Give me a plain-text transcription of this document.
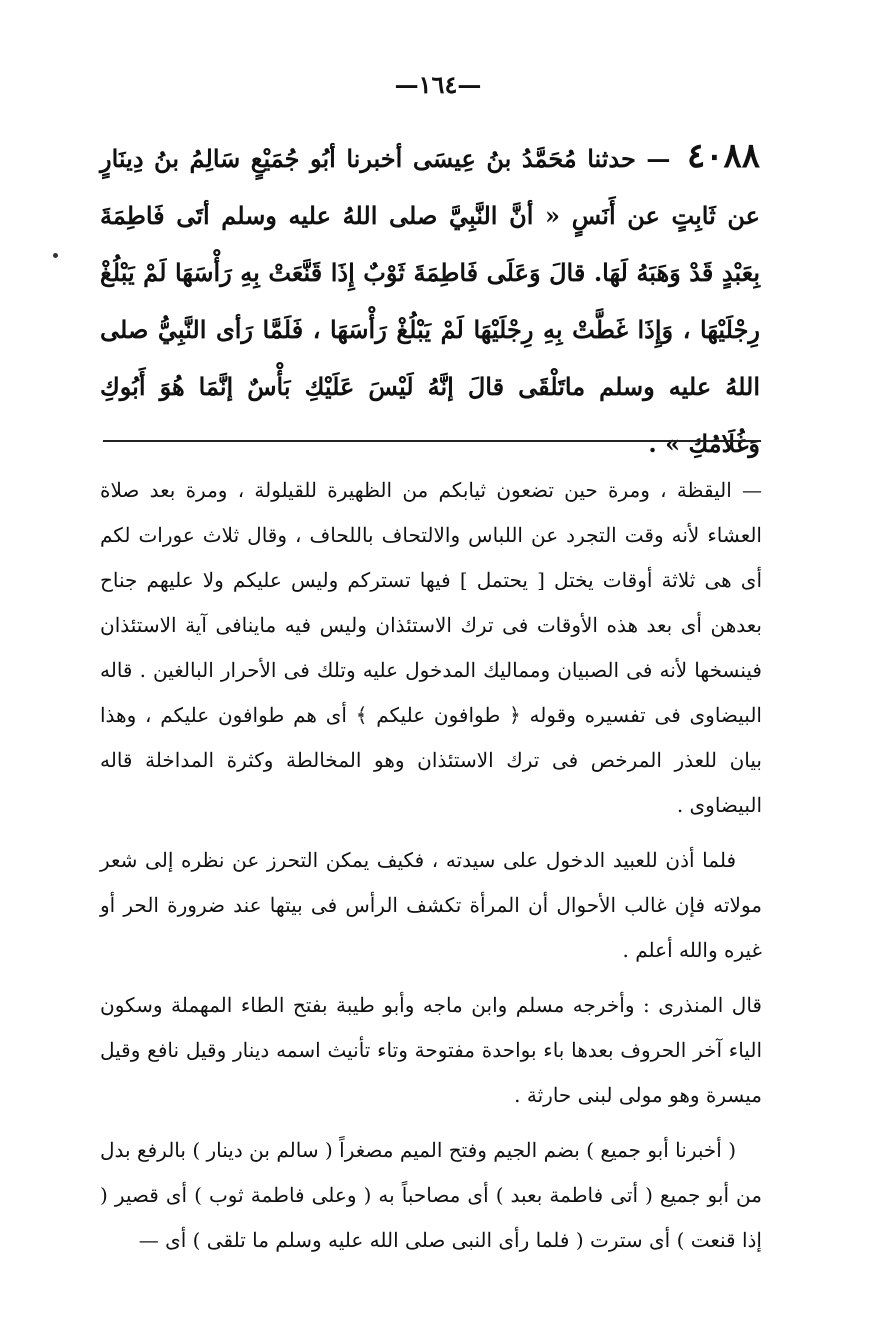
—١٦٤—
٤٠٨٨ — حدثنا مُحَمَّدُ بنُ عِيسَى أخبرنا أبُو جُمَيْعٍ سَالِمُ بنُ دِينَارٍ عن ثَابِتٍ عن أَنَسٍ « أنَّ النَّبِيَّ صلى اللهُ عليه وسلم أتَى فَاطِمَةَ بِعَبْدٍ قَدْ وَهَبَهُ لَهَا. قالَ وَعَلَى فَاطِمَةَ ثَوْبٌ إِذَا قَنَّعَتْ بِهِ رَأْسَهَا لَمْ يَبْلُغْ رِجْلَيْهَا ، وَإِذَا غَطَّتْ بِهِ رِجْلَيْهَا لَمْ يَبْلُغْ رَأْسَهَا ، فَلَمَّا رَأى النَّبِيُّ صلى اللهُ عليه وسلم ماتَلْقَى قالَ إنَّهُ لَيْسَ عَلَيْكِ بَأْسٌ إنَّمَا هُوَ أَبُوكِ وَغُلَامُكِ » .

— اليقظة ، ومرة حين تضعون ثيابكم من الظهيرة للقيلولة ، ومرة بعد صلاة العشاء لأنه وقت التجرد عن اللباس والالتحاف باللحاف ، وقال ثلاث عورات لكم أى هى ثلاثة أوقات يختل [ يحتمل ] فيها تستركم وليس عليكم ولا عليهم جناح بعدهن أى بعد هذه الأوقات فى ترك الاستئذان وليس فيه ماينافى آية الاستئذان فينسخها لأنه فى الصبيان ومماليك المدخول عليه وتلك فى الأحرار البالغين . قاله البيضاوى فى تفسيره وقوله ﴿ طوافون عليكم ﴾ أى هم طوافون عليكم ، وهذا بيان للعذر المرخص فى ترك الاستئذان وهو المخالطة وكثرة المداخلة قاله البيضاوى .

فلما أذن للعبيد الدخول على سيدته ، فكيف يمكن التحرز عن نظره إلى شعر مولاته فإن غالب الأحوال أن المرأة تكشف الرأس فى بيتها عند ضرورة الحر أو غيره والله أعلم .

قال المنذرى : وأخرجه مسلم وابن ماجه وأبو طيبة بفتح الطاء المهملة وسكون الياء آخر الحروف بعدها باء بواحدة مفتوحة وتاء تأنيث اسمه دينار وقيل نافع وقيل ميسرة وهو مولى لبنى حارثة .

( أخبرنا أبو جميع ) بضم الجيم وفتح الميم مصغراً ( سالم بن دينار ) بالرفع بدل من أبو جميع ( أتى فاطمة بعبد ) أى مصاحباً به ( وعلى فاطمة ثوب ) أى قصير ( إذا قنعت ) أى سترت ( فلما رأى النبى صلى الله عليه وسلم ما تلقى ) أى —
